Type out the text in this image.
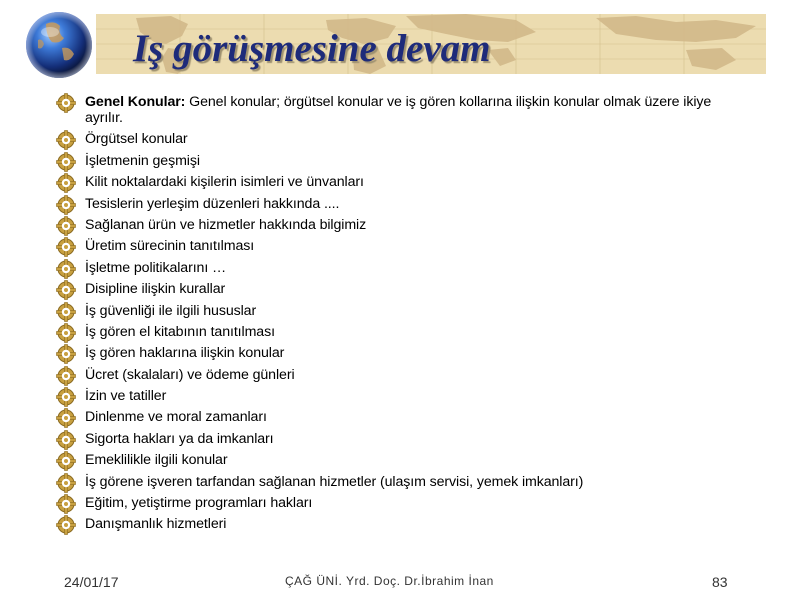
Iş görüşmesine devam
Genel Konular: Genel konular; örgütsel konular ve iş gören kollarına ilişkin konular olmak üzere ikiye ayrılır.
Örgütsel konular
İşletmenin geşmişi
Kilit noktalardaki kişilerin isimleri ve ünvanları
Tesislerin yerleşim düzenleri hakkında ....
Sağlanan ürün ve hizmetler hakkında bilgimiz
Üretim sürecinin tanıtılması
İşletme politikalarını …
Disipline ilişkin kurallar
İş güvenliği ile ilgili hususlar
İş gören el kitabının tanıtılması
İş gören haklarına ilişkin konular
Ücret (skalaları) ve ödeme günleri
İzin ve tatiller
Dinlenme ve moral zamanları
Sigorta hakları ya da imkanları
Emeklilikle ilgili konular
İş görene işveren tarfandan sağlanan hizmetler (ulaşım servisi, yemek imkanları)
Eğitim, yetiştirme programları hakları
Danışmanlık hizmetleri
24/01/17	ÇAĞ ÜNİ. Yrd. Doç. Dr.İbrahim İnan	83
